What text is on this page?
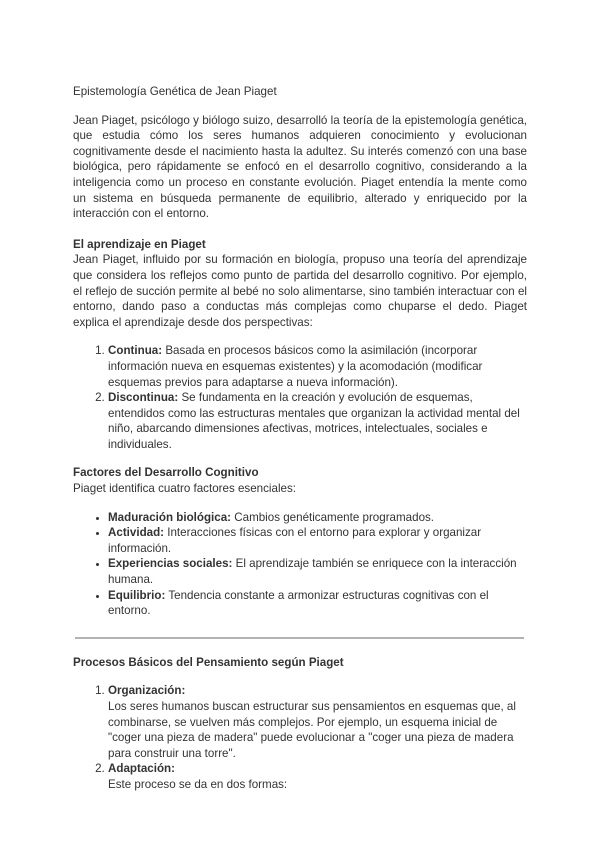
Epistemología Genética de Jean Piaget

Jean Piaget, psicólogo y biólogo suizo, desarrolló la teoría de la epistemología genética, que estudia cómo los seres humanos adquieren conocimiento y evolucionan cognitivamente desde el nacimiento hasta la adultez. Su interés comenzó con una base biológica, pero rápidamente se enfocó en el desarrollo cognitivo, considerando a la inteligencia como un proceso en constante evolución. Piaget entendía la mente como un sistema en búsqueda permanente de equilibrio, alterado y enriquecido por la interacción con el entorno.

El aprendizaje en Piaget

Jean Piaget, influido por su formación en biología, propuso una teoría del aprendizaje que considera los reflejos como punto de partida del desarrollo cognitivo. Por ejemplo, el reflejo de succión permite al bebé no solo alimentarse, sino también interactuar con el entorno, dando paso a conductas más complejas como chuparse el dedo. Piaget explica el aprendizaje desde dos perspectivas:

1. Continua: Basada en procesos básicos como la asimilación (incorporar información nueva en esquemas existentes) y la acomodación (modificar esquemas previos para adaptarse a nueva información).
2. Discontinua: Se fundamenta en la creación y evolución de esquemas, entendidos como las estructuras mentales que organizan la actividad mental del niño, abarcando dimensiones afectivas, motrices, intelectuales, sociales e individuales.

Factores del Desarrollo Cognitivo

Piaget identifica cuatro factores esenciales:

• Maduración biológica: Cambios genéticamente programados.
• Actividad: Interacciones físicas con el entorno para explorar y organizar información.
• Experiencias sociales: El aprendizaje también se enriquece con la interacción humana.
• Equilibrio: Tendencia constante a armonizar estructuras cognitivas con el entorno.

Procesos Básicos del Pensamiento según Piaget

1. Organización:
Los seres humanos buscan estructurar sus pensamientos en esquemas que, al combinarse, se vuelven más complejos. Por ejemplo, un esquema inicial de "coger una pieza de madera" puede evolucionar a "coger una pieza de madera para construir una torre".
2. Adaptación:
Este proceso se da en dos formas:
